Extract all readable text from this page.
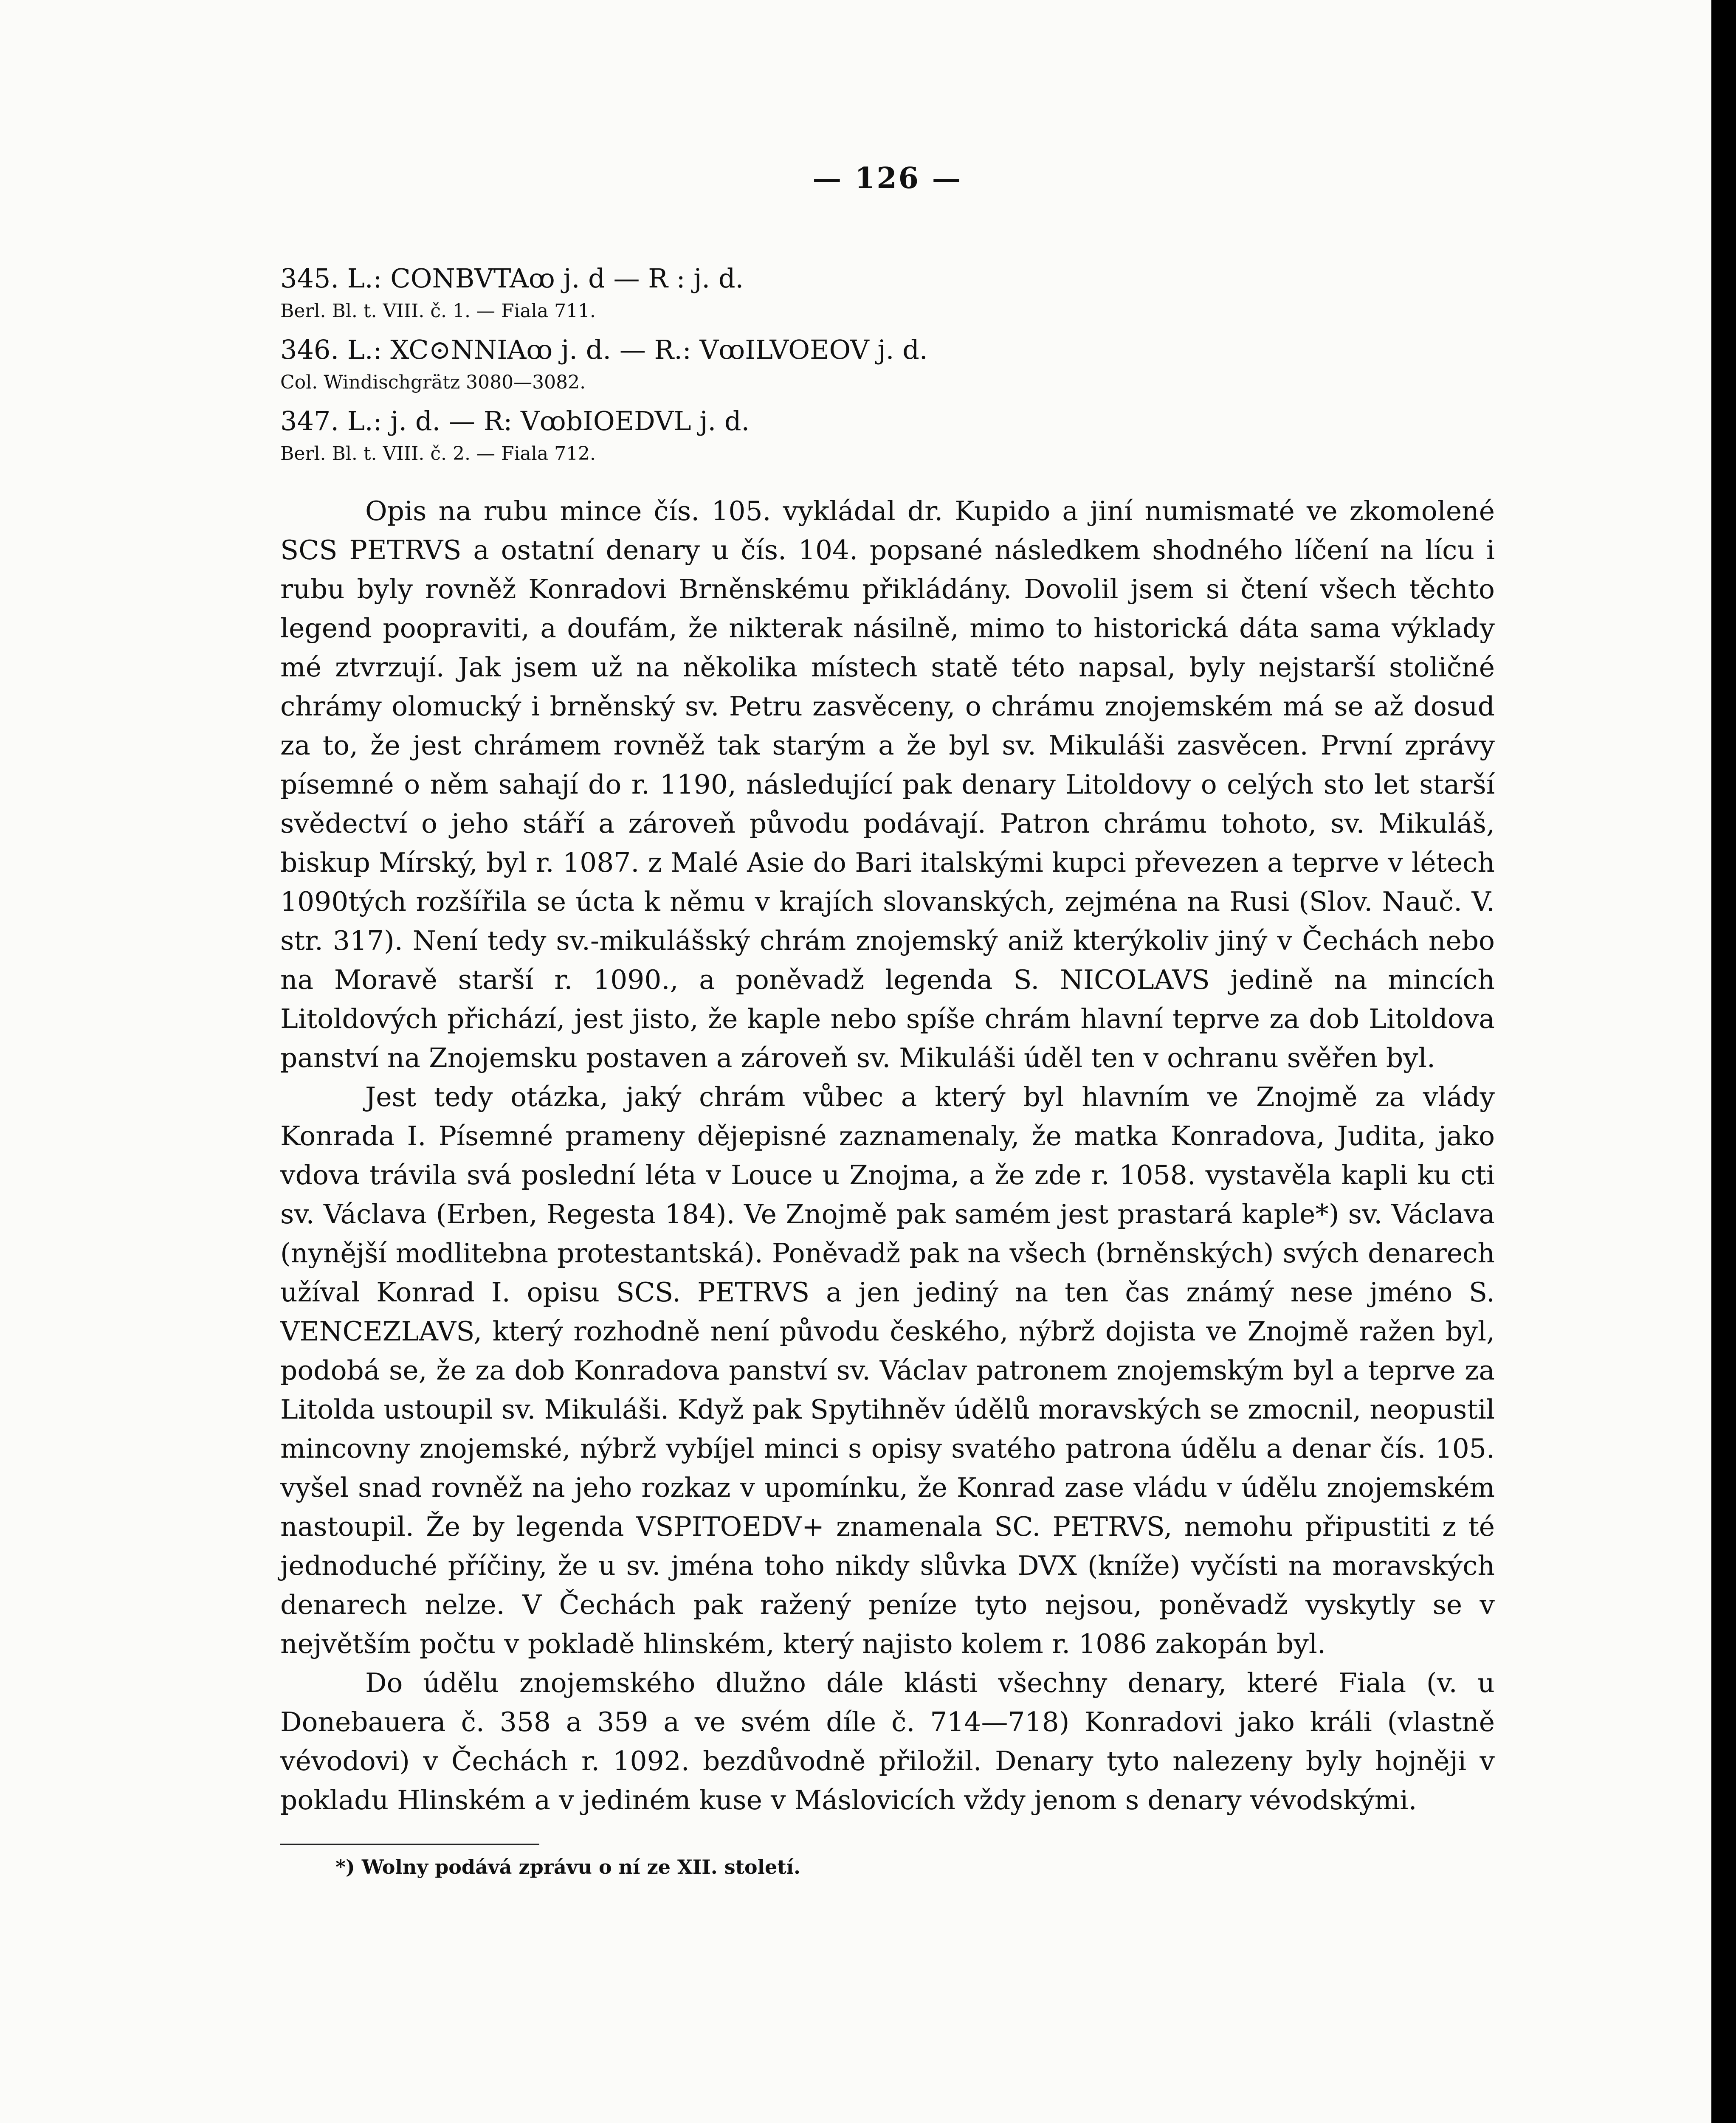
— 126 —
345. L.: CONBVTAꝏ j. d — R : j. d.
Berl. Bl. t. VIII. č. 1. — Fiala 711.
346. L.: XC⊙NNIAꝏ j. d. — R.: VꝏILVOEOV j. d.
Col. Windischgrätz 3080—3082.
347. L.: j. d. — R: VꝏbIOEDVL j. d.
Berl. Bl. t. VIII. č. 2. — Fiala 712.

Opis na rubu mince čís. 105. vykládal dr. Kupido a jiní numismaté ve zkomolené SCS PETRVS a ostatní denary u čís. 104. popsané následkem shodného líčení na lícu i rubu byly rovněž Konradovi Brněnskému přikládány. Dovolil jsem si čtení všech těchto legend poopraviti, a doufám, že nikterak násilně, mimo to historická dáta sama výklady mé ztvrzují. Jak jsem už na několika místech statě této napsal, byly nejstarší stoličné chrámy olomucký i brněnský sv. Petru zasvěceny, o chrámu znojemském má se až dosud za to, že jest chrámem rovněž tak starým a že byl sv. Mikuláši zasvěcen. První zprávy písemné o něm sahají do r. 1190, následující pak denary Litoldovy o celých sto let starší svědectví o jeho stáří a zároveň původu podávají. Patron chrámu tohoto, sv. Mikuláš, biskup Mírský, byl r. 1087. z Malé Asie do Bari italskými kupci převezen a teprve v létech 1090tých rozšířila se úcta k němu v krajích slovanských, zejména na Rusi (Slov. Nauč. V. str. 317). Není tedy sv.-mikulášský chrám znojemský aniž kterýkoliv jiný v Čechách nebo na Moravě starší r. 1090., a poněvadž legenda S. NICOLAVS jedině na mincích Litoldových přichází, jest jisto, že kaple nebo spíše chrám hlavní teprve za dob Litoldova panství na Znojemsku postaven a zároveň sv. Mikuláši úděl ten v ochranu svěřen byl.

Jest tedy otázka, jaký chrám vůbec a který byl hlavním ve Znojmě za vlády Konrada I. Písemné prameny dějepisné zaznamenaly, že matka Konradova, Judita, jako vdova trávila svá poslední léta v Louce u Znojma, a že zde r. 1058. vystavěla kapli ku cti sv. Václava (Erben, Regesta 184). Ve Znojmě pak samém jest prastará kaple*) sv. Václava (nynější modlitebna protestantská). Poněvadž pak na všech (brněnských) svých denarech užíval Konrad I. opisu SCS. PETRVS a jen jediný na ten čas známý nese jméno S. VENCEZLAVS, který rozhodně není původu českého, nýbrž dojista ve Znojmě ražen byl, podobá se, že za dob Konradova panství sv. Václav patronem znojemským byl a teprve za Litolda ustoupil sv. Mikuláši. Když pak Spytihněv údělů moravských se zmocnil, neopustil mincovny znojemské, nýbrž vybíjel minci s opisy svatého patrona údělu a denar čís. 105. vyšel snad rovněž na jeho rozkaz v upomínku, že Konrad zase vládu v údělu znojemském nastoupil. Že by legenda VSPITOEDV+ znamenala SC. PETRVS, nemohu připustiti z té jednoduché příčiny, že u sv. jména toho nikdy slůvka DVX (kníže) vyčísti na moravských denarech nelze. V Čechách pak ražený peníze tyto nejsou, poněvadž vyskytly se v největším počtu v pokladě hlinském, který najisto kolem r. 1086 zakopán byl.

Do údělu znojemského dlužno dále klásti všechny denary, které Fiala (v. u Donebauera č. 358 a 359 a ve svém díle č. 714—718) Konradovi jako králi (vlastně vévodovi) v Čechách r. 1092. bezdůvodně přiložil. Denary tyto nalezeny byly hojněji v pokladu Hlinském a v jediném kuse v Máslovicích vždy jenom s denary vévodskými.

*) Wolny podává zprávu o ní ze XII. století.
